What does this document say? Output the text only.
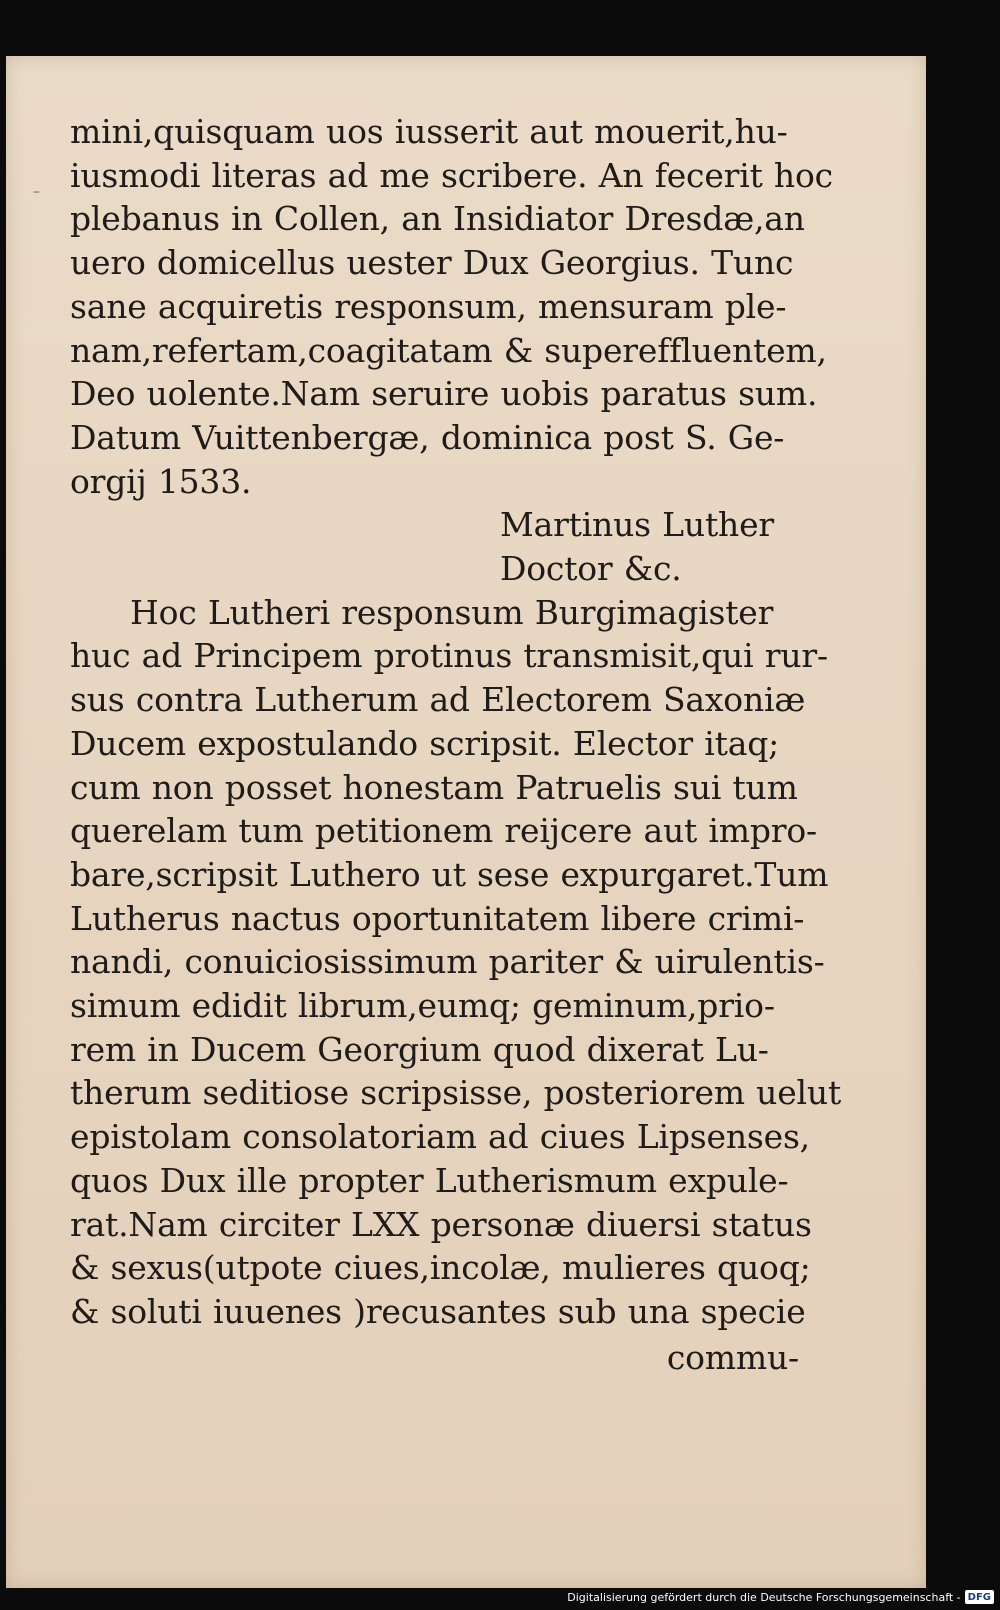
–
mini,quisquam uos iusserit aut mouerit,hu-
iusmodi literas ad me scribere. An fecerit hoc
plebanus in Collen, an Insidiator Dresdæ,an
uero domicellus uester Dux Georgius. Tunc
sane acquiretis responsum, mensuram ple-
nam,refertam,coagitatam & supereffluentem,
Deo uolente.Nam seruire uobis paratus sum.
Datum Vuittenbergæ, dominica post S. Ge-
orgij 1533.
Martinus Luther
Doctor &c.
Hoc Lutheri responsum Burgimagister
huc ad Principem protinus transmisit,qui rur-
sus contra Lutherum ad Electorem Saxoniæ
Ducem expostulando scripsit. Elector itaq;
cum non posset honestam Patruelis sui tum
querelam tum petitionem reijcere aut impro-
bare,scripsit Luthero ut sese expurgaret.Tum
Lutherus nactus oportunitatem libere crimi-
nandi, conuiciosissimum pariter & uirulentis-
simum edidit librum,eumq; geminum,prio-
rem in Ducem Georgium quod dixerat Lu-
therum seditiose scripsisse, posteriorem uelut
epistolam consolatoriam ad ciues Lipsenses,
quos Dux ille propter Lutherismum expule-
rat.Nam circiter LXX personæ diuersi status
& sexus(utpote ciues,incolæ, mulieres quoq;
& soluti iuuenes )recusantes sub una specie
commu-
Digitalisierung gefördert durch die Deutsche Forschungsgemeinschaft - DFG
